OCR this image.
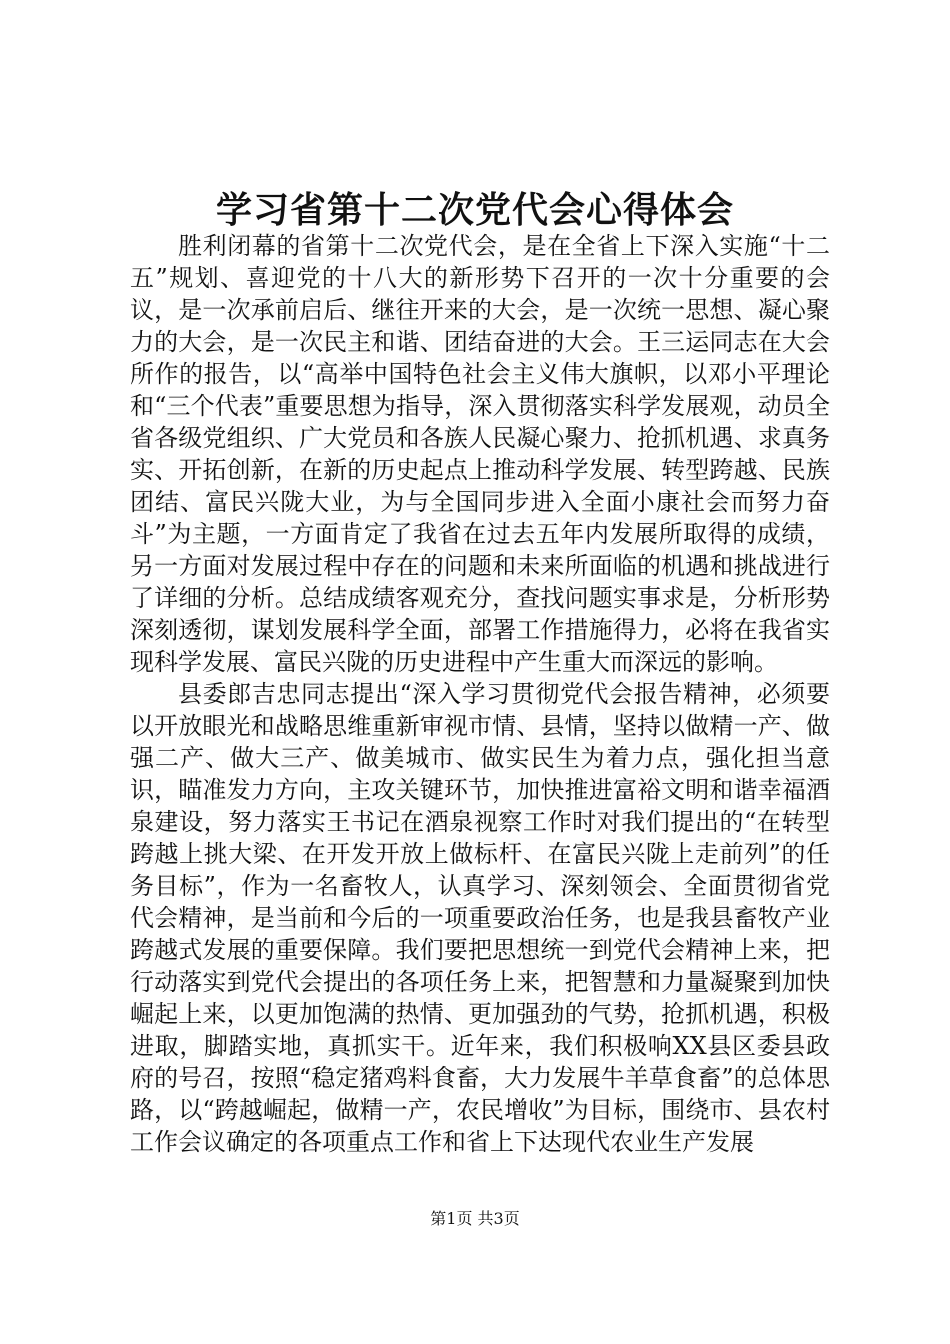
学习省第十二次党代会心得体会

胜利闭幕的省第十二次党代会，是在全省上下深入实施“十二五”规划、喜迎党的十八大的新形势下召开的一次十分重要的会议，是一次承前启后、继往开来的大会，是一次统一思想、凝心聚力的大会，是一次民主和谐、团结奋进的大会。王三运同志在大会所作的报告，以“高举中国特色社会主义伟大旗帜，以邓小平理论和“三个代表”重要思想为指导，深入贯彻落实科学发展观，动员全省各级党组织、广大党员和各族人民凝心聚力、抢抓机遇、求真务实、开拓创新，在新的历史起点上推动科学发展、转型跨越、民族团结、富民兴陇大业，为与全国同步进入全面小康社会而努力奋斗”为主题，一方面肯定了我省在过去五年内发展所取得的成绩，另一方面对发展过程中存在的问题和未来所面临的机遇和挑战进行了详细的分析。总结成绩客观充分，查找问题实事求是，分析形势深刻透彻，谋划发展科学全面，部署工作措施得力，必将在我省实现科学发展、富民兴陇的历史进程中产生重大而深远的影响。

县委郎吉忠同志提出“深入学习贯彻党代会报告精神，必须要以开放眼光和战略思维重新审视市情、县情，坚持以做精一产、做强二产、做大三产、做美城市、做实民生为着力点，强化担当意识，瞄准发力方向，主攻关键环节，加快推进富裕文明和谐幸福酒泉建设，努力落实王书记在酒泉视察工作时对我们提出的“在转型跨越上挑大梁、在开发开放上做标杆、在富民兴陇上走前列”的任务目标”，作为一名畜牧人，认真学习、深刻领会、全面贯彻省党代会精神，是当前和今后的一项重要政治任务，也是我县畜牧产业跨越式发展的重要保障。我们要把思想统一到党代会精神上来，把行动落实到党代会提出的各项任务上来，把智慧和力量凝聚到加快崛起上来，以更加饱满的热情、更加强劲的气势，抢抓机遇，积极进取，脚踏实地，真抓实干。近年来，我们积极响XX县区委县政府的号召，按照“稳定猪鸡料食畜，大力发展牛羊草食畜”的总体思路，以“跨越崛起，做精一产，农民增收”为目标，围绕市、县农村工作会议确定的各项重点工作和省上下达现代农业生产发展

第1页 共3页
